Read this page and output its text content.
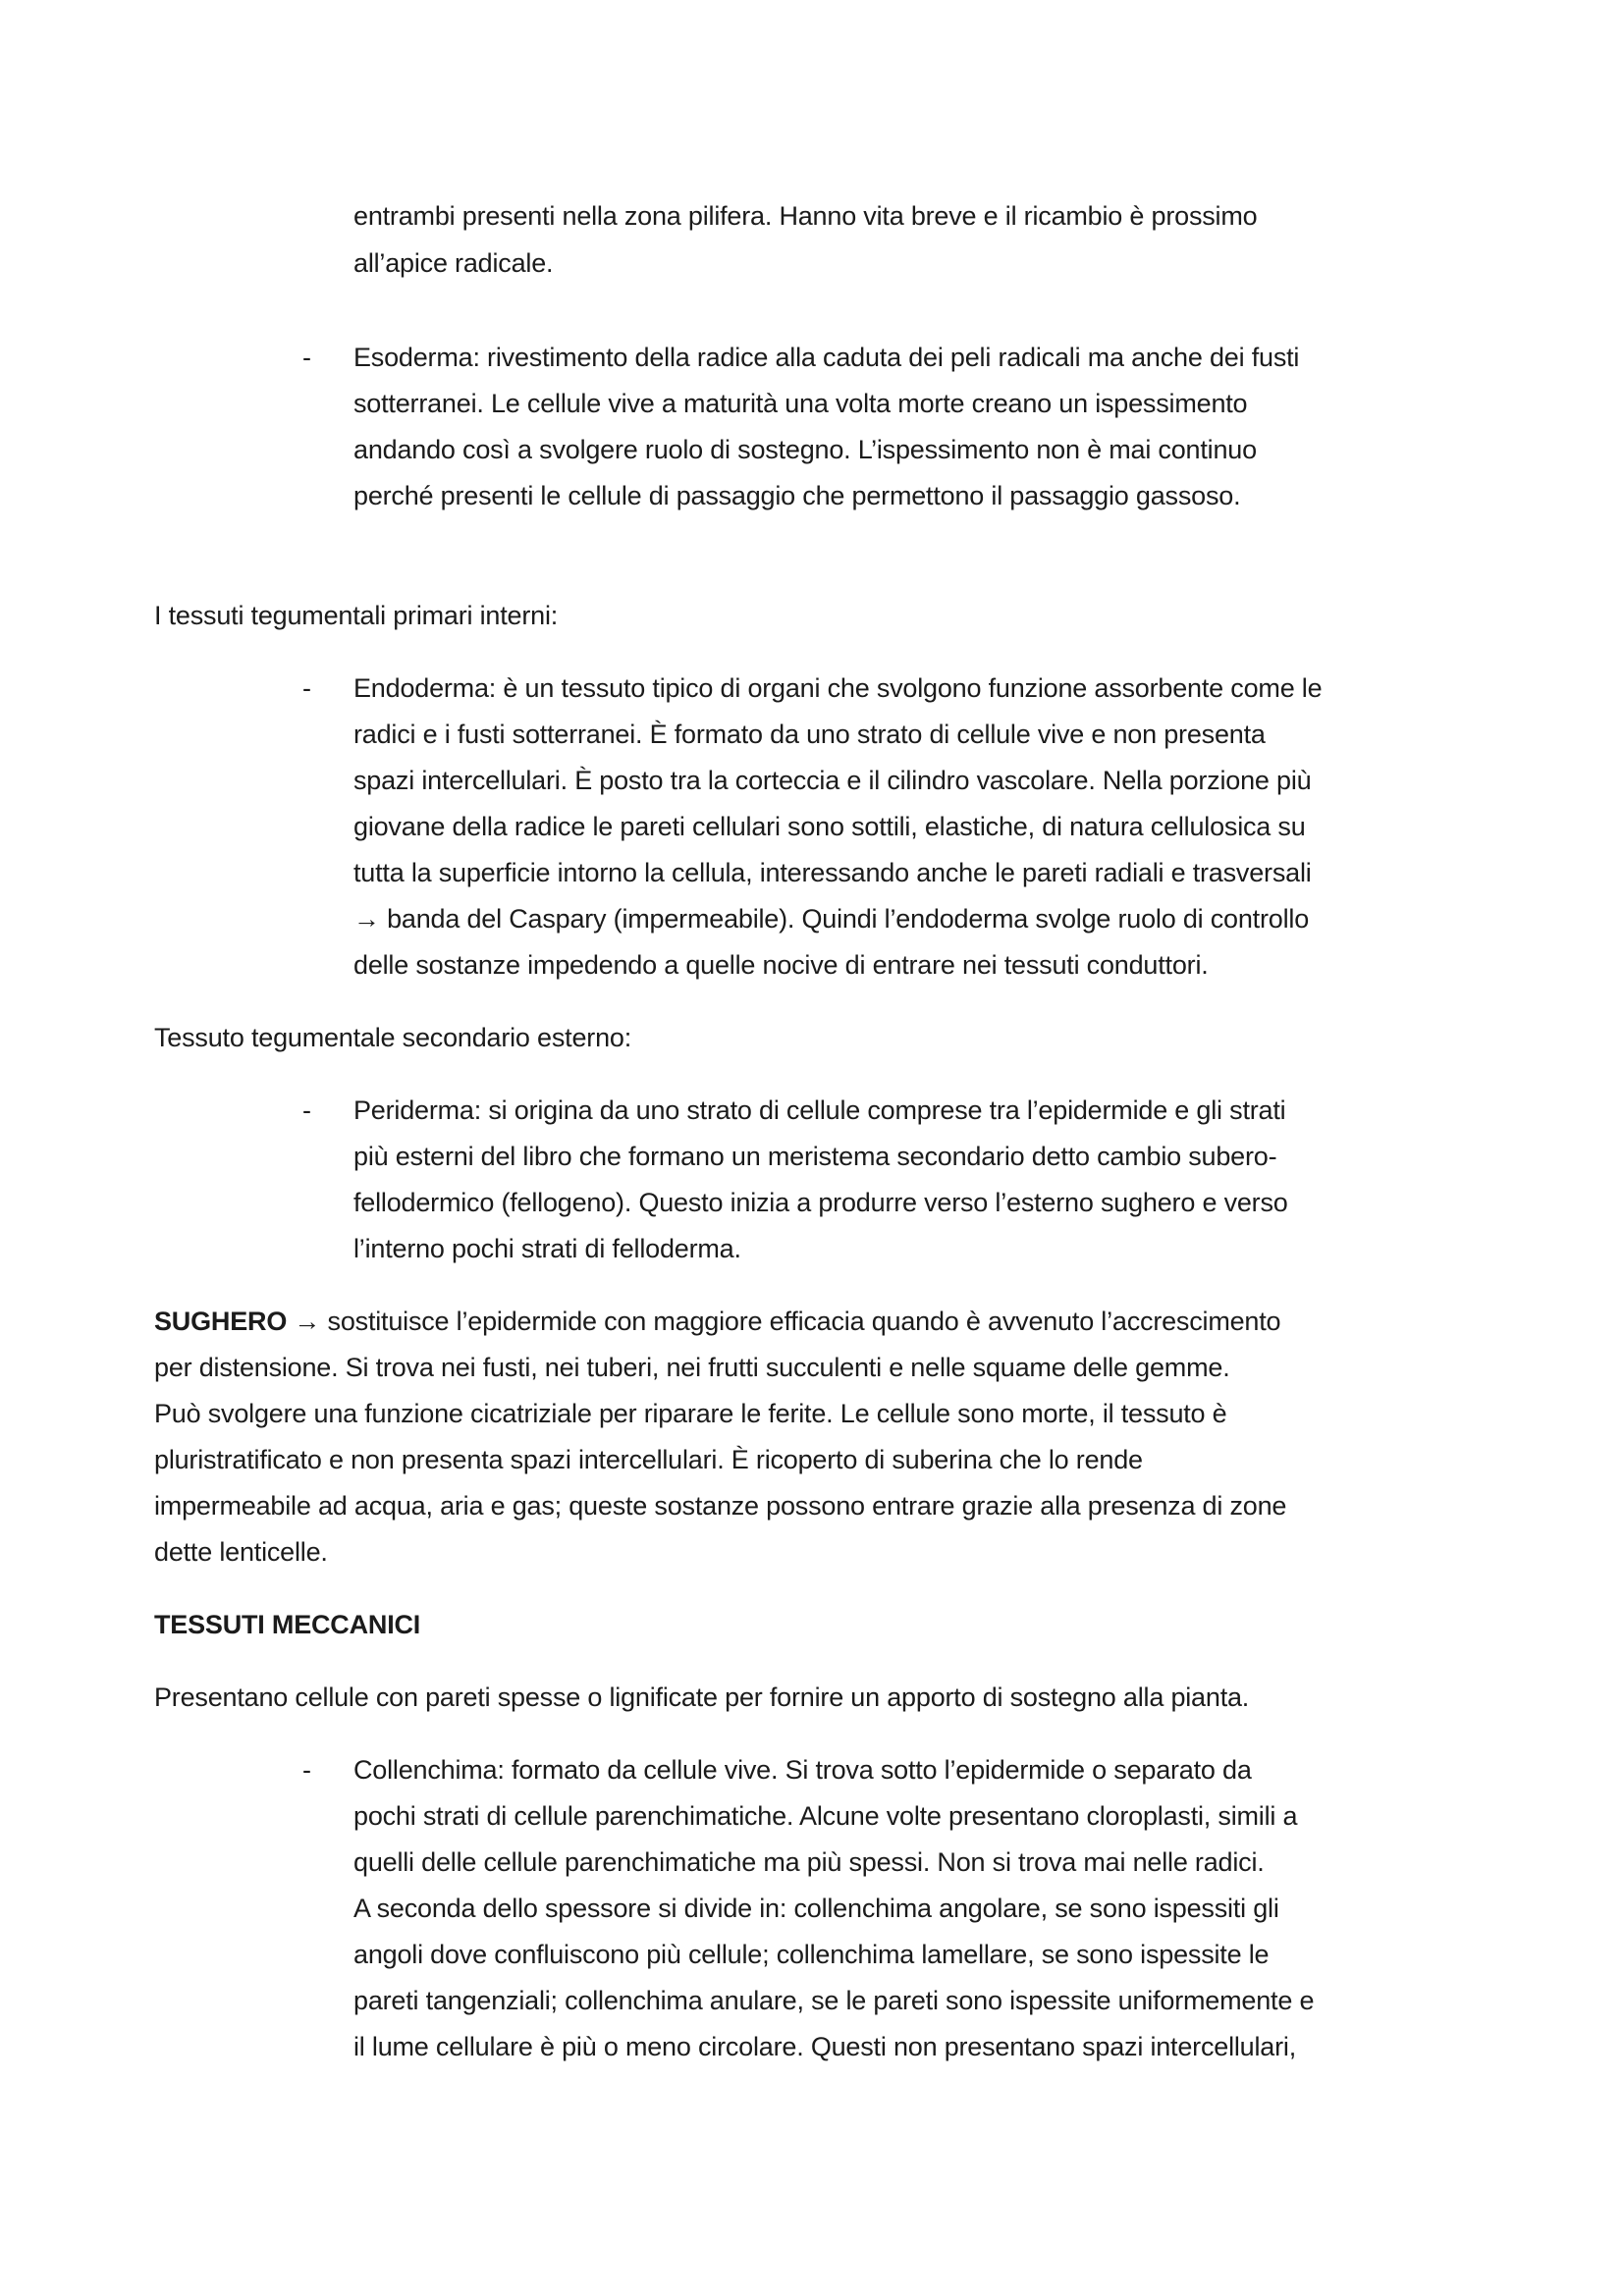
entrambi presenti nella zona pilifera. Hanno vita breve e il ricambio è prossimo
all’apice radicale.
- Esoderma: rivestimento della radice alla caduta dei peli radicali ma anche dei fusti
sotterranei. Le cellule vive a maturità una volta morte creano un ispessimento
andando così a svolgere ruolo di sostegno. L’ispessimento non è mai continuo
perché presenti le cellule di passaggio che permettono il passaggio gassoso.
I tessuti tegumentali primari interni:
- Endoderma: è un tessuto tipico di organi che svolgono funzione assorbente come le
radici e i fusti sotterranei. È formato da uno strato di cellule vive e non presenta
spazi intercellulari. È posto tra la corteccia e il cilindro vascolare. Nella porzione più
giovane della radice le pareti cellulari sono sottili, elastiche, di natura cellulosica su
tutta la superficie intorno la cellula, interessando anche le pareti radiali e trasversali
→ banda del Caspary (impermeabile). Quindi l’endoderma svolge ruolo di controllo
delle sostanze impedendo a quelle nocive di entrare nei tessuti conduttori.
Tessuto tegumentale secondario esterno:
- Periderma: si origina da uno strato di cellule comprese tra l’epidermide e gli strati
più esterni del libro che formano un meristema secondario detto cambio subero-
fellodermico (fellogeno). Questo inizia a produrre verso l’esterno sughero e verso
l’interno pochi strati di felloderma.
SUGHERO → sostituisce l’epidermide con maggiore efficacia quando è avvenuto l’accrescimento
per distensione. Si trova nei fusti, nei tuberi, nei frutti succulenti e nelle squame delle gemme.
Può svolgere una funzione cicatriziale per riparare le ferite. Le cellule sono morte, il tessuto è
pluristratificato e non presenta spazi intercellulari. È ricoperto di suberina che lo rende
impermeabile ad acqua, aria e gas; queste sostanze possono entrare grazie alla presenza di zone
dette lenticelle.
TESSUTI MECCANICI
Presentano cellule con pareti spesse o lignificate per fornire un apporto di sostegno alla pianta.
- Collenchima: formato da cellule vive. Si trova sotto l’epidermide o separato da
pochi strati di cellule parenchimatiche. Alcune volte presentano cloroplasti, simili a
quelli delle cellule parenchimatiche ma più spessi. Non si trova mai nelle radici.
A seconda dello spessore si divide in: collenchima angolare, se sono ispessiti gli
angoli dove confluiscono più cellule; collenchima lamellare, se sono ispessite le
pareti tangenziali; collenchima anulare, se le pareti sono ispessite uniformemente e
il lume cellulare è più o meno circolare. Questi non presentano spazi intercellulari,
